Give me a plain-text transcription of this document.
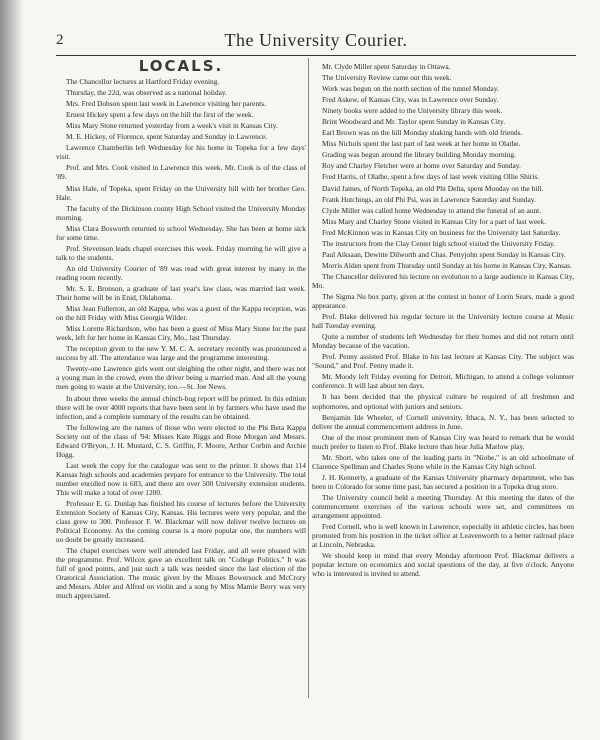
2	The University Courier.
LOCALS.

The Chancellor lectures at Hartford Friday evening.

Thursday, the 22d, was observed as a national holiday.

Mrs. Fred Dobson spent last week in Lawrence visiting her parents.

Ernest Hickey spent a few days on the hill the first of the week.

Miss Mary Stone returned yesterday from a week's visit in Kansas City.

M. E. Hickey, of Florence, spent Saturday and Sunday in Lawrence.

Lawrence Chamberlin left Wednesday for his home in Topeka for a few days' visit.

Prof. and Mrs. Cook visited in Lawrence this week. Mr. Cook is of the class of '89.

Miss Hale, of Topeka, spent Friday on the University hill with her brother Geo. Hale.

The faculty of the Dickinson county High School visited the University Monday morning.

Miss Clara Bosworth returned to school Wednesday. She has been at home sick for some time.

Prof. Stevenson leads chapel exercises this week. Friday morning he will give a talk to the students.

An old University Courier of '89 was read with great interest by many in the reading room recently.

Mr. S. E. Bronson, a graduate of last year's law class, was married last week. Their home will be in Enid, Oklahoma.

Miss Jean Fullerton, an old Kappa, who was a guest of the Kappa reception, was on the hill Friday with Miss Georgia Wilder.

Miss Lorette Richardson, who has been a guest of Miss Mary Stone for the past week, left for her home in Kansas City, Mo., last Thursday.

The reception given to the new Y. M. C. A. secretary recently was pronounced a success by all. The attendance was large and the programme interesting.

Twenty-one Lawrence girls went out sleighing the other night, and there was not a young man in the crowd, even the driver being a married man. And all the young men going to waste at the University, too.—St. Joe News.

In about three weeks the annual chinch-bug report will be printed. In this edition there will be over 4000 reports that have been sent in by farmers who have used the infection, and a complete summary of the results can be obtained.

The following are the names of those who were elected to the Phi Beta Kappa Society out of the class of '94: Misses Kate Riggs and Rose Morgan and Messrs. Edward O'Bryon, J. H. Mustard, C. S. Griffin, F. Moore, Arthur Corbin and Archie Hogg.

Last week the copy for the catalogue was sent to the printer. It shows that 114 Kansas high schools and academies prepare for entrance to the University. The total number enrolled now is 683, and there are over 500 University extension students. This will make a total of over 1200.

Professor E. G. Dunlap has finished his course of lectures before the University Extension Society of Kansas City, Kansas. His lectures were very popular, and the class grew to 300. Professor F. W. Blackmar will now deliver twelve lectures on Political Economy. As the coming course is a more popular one, the numbers will no doubt be greatly increased.

The chapel exercises were well attended last Friday, and all were pleased with the programme. Prof. Wilcox gave an excellent talk on "College Politics." It was full of good points, and just such a talk was needed since the last election of the Oratorical Association. The music given by the Misses Bowersock and McCrory and Messrs. Abler and Alfred on violin and a song by Miss Mamie Berry was very much appreciated.

Mr. Clyde Miller spent Saturday in Ottawa.

The University Review came out this week.

Work was begun on the north section of the tunnel Monday.

Fred Askew, of Kansas City, was in Lawrence over Sunday.

Ninety books were added to the University library this week.

Brint Woodward and Mr. Taylor spent Sunday in Kansas City.

Earl Brown was on the hill Monday shaking hands with old friends.

Miss Nichols spent the last part of last week at her home in Olathe.

Grading was begun around the library building Monday morning.

Roy and Charley Fletcher were at home over Saturday and Sunday.

Fred Harris, of Olathe, spent a few days of last week visiting Ollie Shiris.

David James, of North Topeka, an old Phi Delta, spent Monday on the hill.

Frank Hutchings, an old Phi Psi, was in Lawrence Saturday and Sunday.

Clyde Miller was called home Wednesday to attend the funeral of an aunt.

Miss Mary and Charley Stone visited in Kansas City for a part of last week.

Fred McKinnon was in Kansas City on business for the University last Saturday.

The instructors from the Clay Center high school visited the University Friday.

Paul Aiksaan, Dewitte Dilworth and Chas. Pettyjohn spent Sunday in Kansas City.

Morris Alden spent from Thursday until Sunday at his home in Kansas City, Kansas.

The Chancellor delivered his lecture on evolution to a large audience in Kansas City, Mo.

The Sigma Nu box party, given at the contest in honor of Lorin Sears, made a good appearance.

Prof. Blake delivered his regular lecture in the University lecture course at Music hall Tuesday evening.

Quite a number of students left Wednesday for their homes and did not return until Monday because of the vacation.

Prof. Penny assisted Prof. Blake in his last lecture at Kansas City. The subject was "Sound," and Prof. Penny made it.

Mr. Moody left Friday evening for Detroit, Michigan, to attend a college volunteer conference. It will last about ten days.

It has been decided that the physical culture be required of all freshmen and sophomores, and optional with juniors and seniors.

Benjamin Ide Wheeler, of Cornell university, Ithaca, N. Y., has been selected to deliver the annual commencement address in June.

One of the most prominent men of Kansas City was heard to remark that he would much prefer to listen to Prof. Blake lecture than hear Julia Marlow play.

Mr. Short, who takes one of the leading parts in "Niobe," is an old schoolmate of Clarence Spellman and Charles Stone while in the Kansas City high school.

J. H. Kennerly, a graduate of the Kansas University pharmacy department, who has been in Colorado for some time past, has secured a position in a Topeka drug store.

The University council held a meeting Thursday. At this meeting the dates of the commencement exercises of the various schools were set, and committees on arrangement appointed.

Fred Cornell, who is well known in Lawrence, especially in athletic circles, has been promoted from his position in the ticket office at Leavenworth to a better railroad place at Lincoln, Nebraska.

We should keep in mind that every Monday afternoon Prof. Blackmar delivers a popular lecture on economics and social questions of the day, at five o'clock. Anyone who is interested is invited to attend.
